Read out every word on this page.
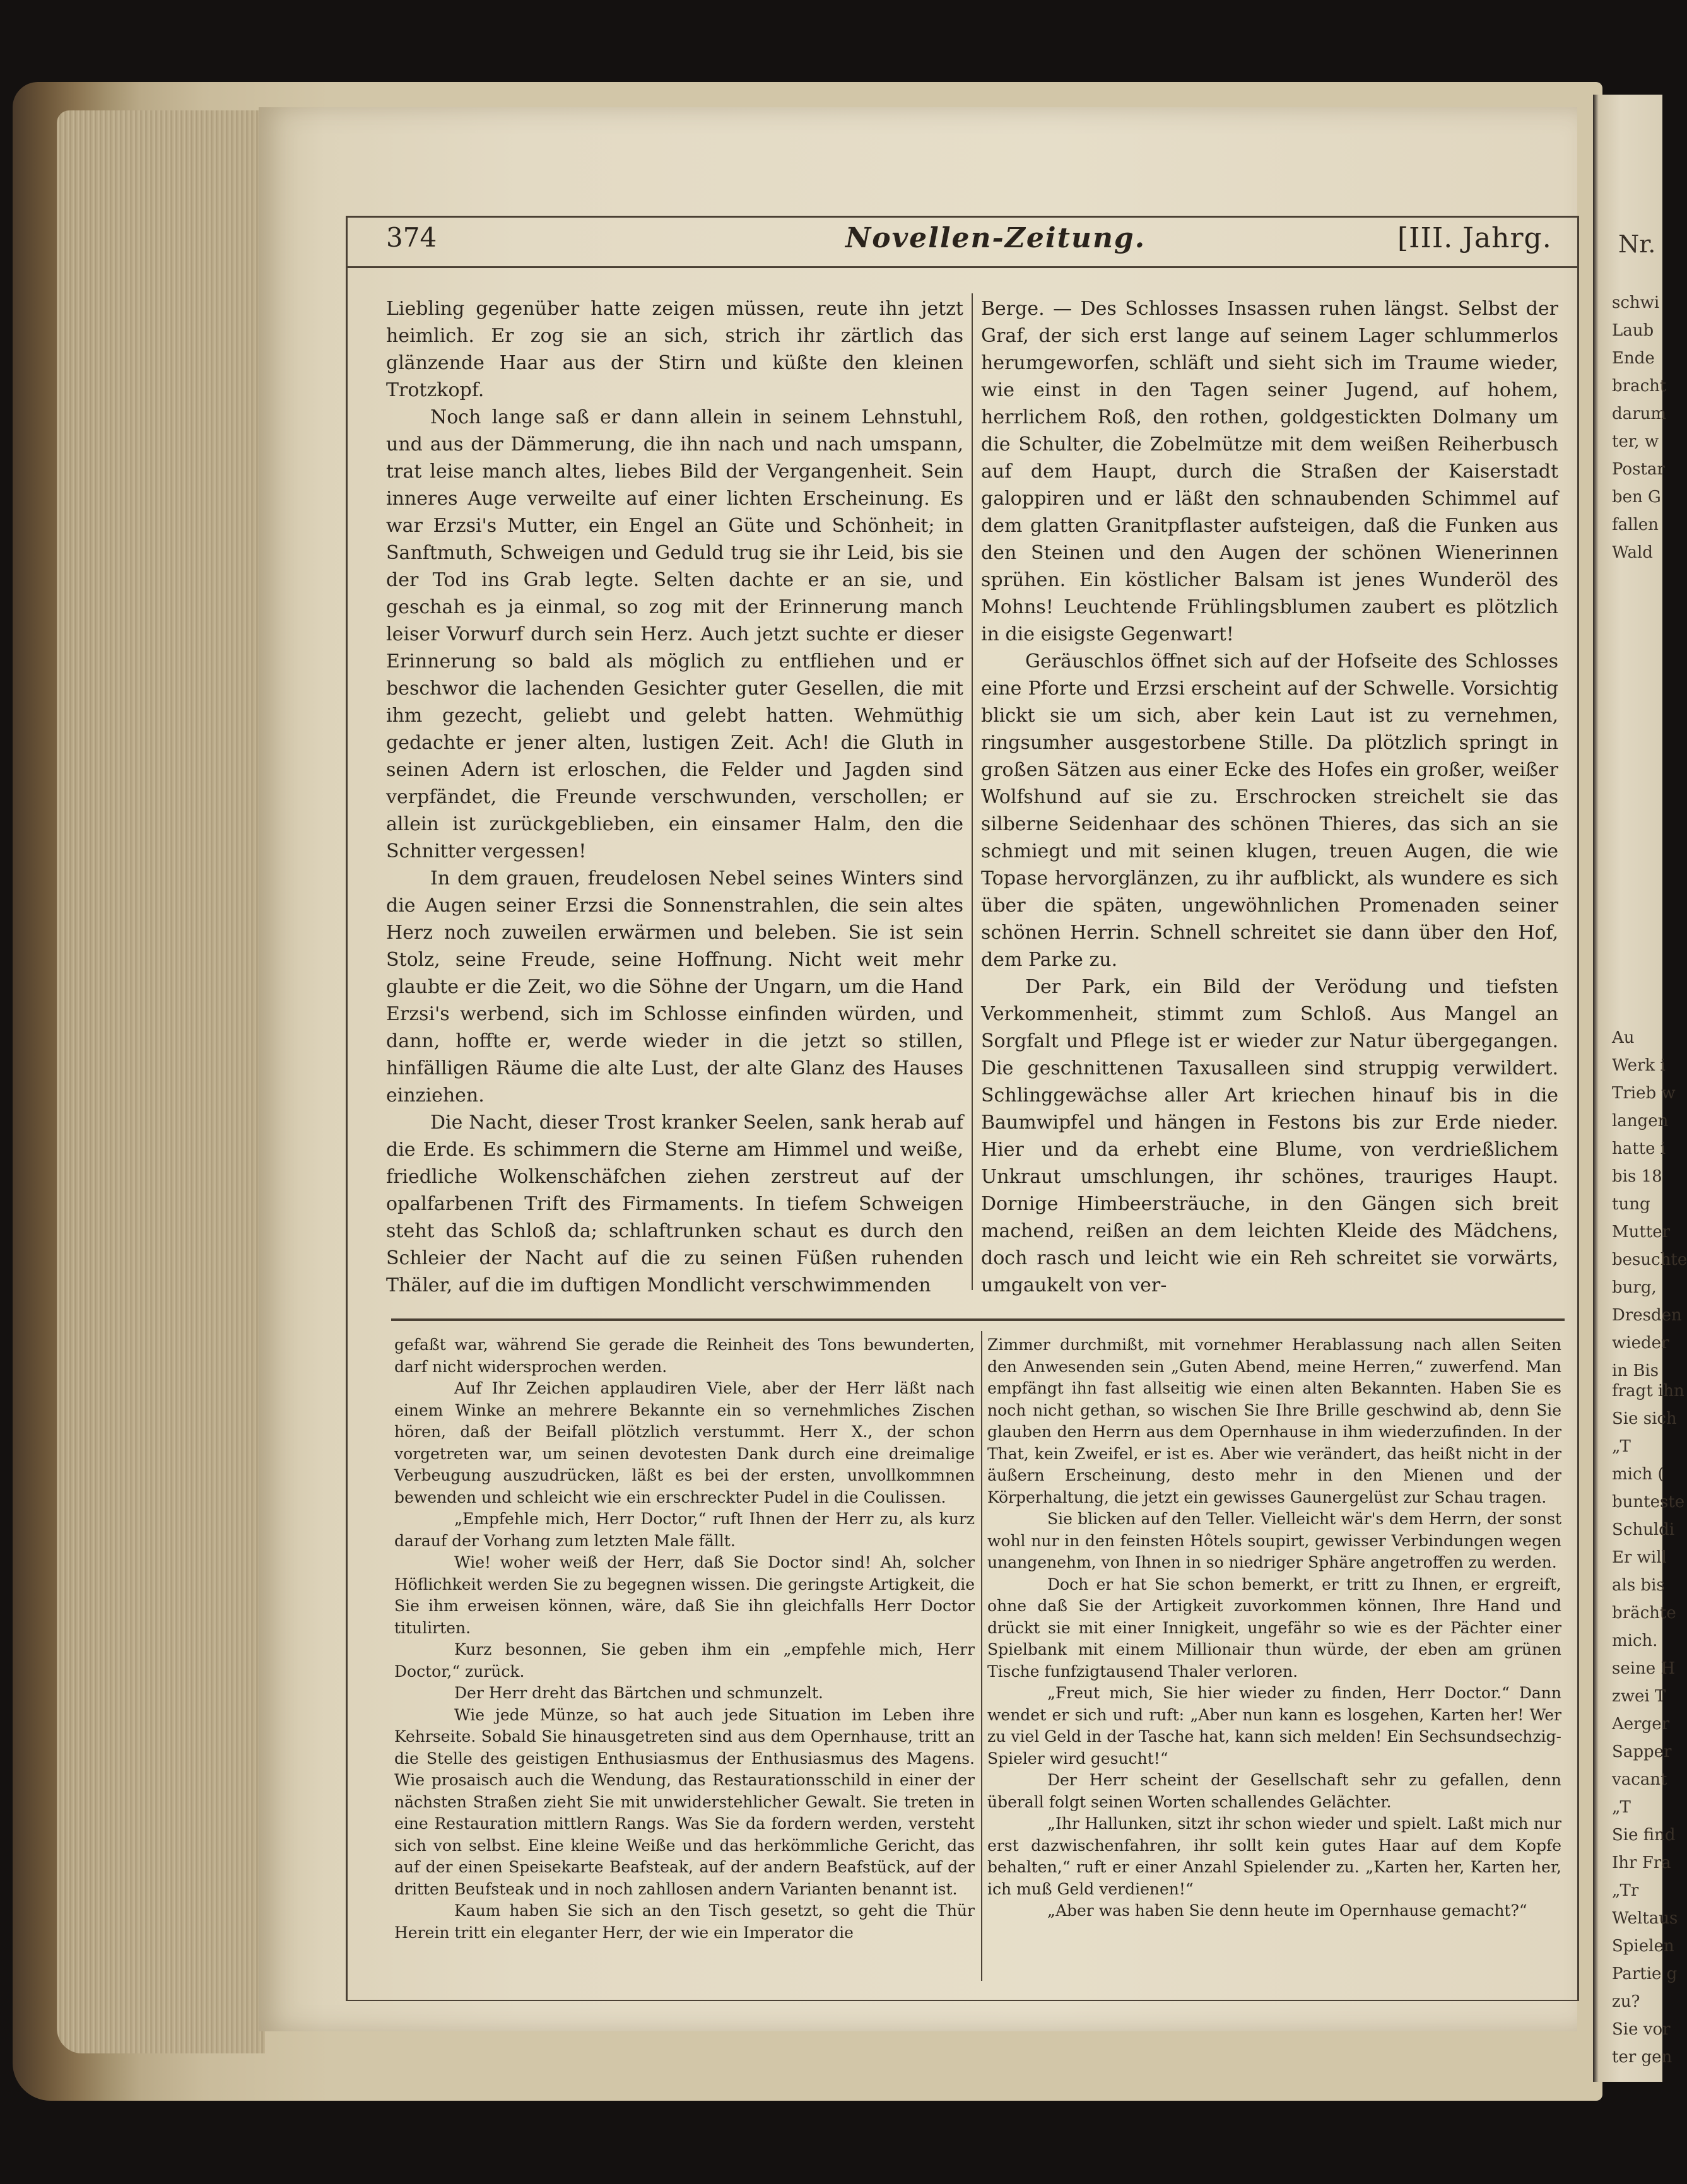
Nr.
schwi
Laub
Ende
bracht
darum
ter, w
Postar
ben G
fallen
Wald
Au
Werk i
Trieb w
langen
hatte i
bis 18
tung
Mutter
besuchte
burg,
Dresden
wieder
in Bis
fragt ihn
Sie sich
„T
mich (
bunteste
Schuldi
Er will
als bis
brächte
mich.
seine H
zwei T
Aerger
Sapper
vacant
„T
Sie find
Ihr Fra
„Tr
Weltaus
Spielen
Partie g
zu?
Sie vor
ter gen
374	Novellen-Zeitung.	[III. Jahrg.

Liebling gegenüber hatte zeigen müssen, reute ihn jetzt heimlich. Er zog sie an sich, strich ihr zärtlich das glänzende Haar aus der Stirn und küßte den kleinen Trotzkopf.

Noch lange saß er dann allein in seinem Lehnstuhl, und aus der Dämmerung, die ihn nach und nach umspann, trat leise manch altes, liebes Bild der Vergangenheit. Sein inneres Auge verweilte auf einer lichten Erscheinung. Es war Erzsi's Mutter, ein Engel an Güte und Schönheit; in Sanftmuth, Schweigen und Geduld trug sie ihr Leid, bis sie der Tod ins Grab legte. Selten dachte er an sie, und geschah es ja einmal, so zog mit der Erinnerung manch leiser Vorwurf durch sein Herz. Auch jetzt suchte er dieser Erinnerung so bald als möglich zu entfliehen und er beschwor die lachenden Gesichter guter Gesellen, die mit ihm gezecht, geliebt und gelebt hatten. Wehmüthig gedachte er jener alten, lustigen Zeit. Ach! die Gluth in seinen Adern ist erloschen, die Felder und Jagden sind verpfändet, die Freunde verschwunden, verschollen; er allein ist zurückgeblieben, ein einsamer Halm, den die Schnitter vergessen!

In dem grauen, freudelosen Nebel seines Winters sind die Augen seiner Erzsi die Sonnenstrahlen, die sein altes Herz noch zuweilen erwärmen und beleben. Sie ist sein Stolz, seine Freude, seine Hoffnung. Nicht weit mehr glaubte er die Zeit, wo die Söhne der Ungarn, um die Hand Erzsi's werbend, sich im Schlosse einfinden würden, und dann, hoffte er, werde wieder in die jetzt so stillen, hinfälligen Räume die alte Lust, der alte Glanz des Hauses einziehen.

Die Nacht, dieser Trost kranker Seelen, sank herab auf die Erde. Es schimmern die Sterne am Himmel und weiße, friedliche Wolkenschäfchen ziehen zerstreut auf der opalfarbenen Trift des Firmaments. In tiefem Schweigen steht das Schloß da; schlaftrunken schaut es durch den Schleier der Nacht auf die zu seinen Füßen ruhenden Thäler, auf die im duftigen Mondlicht verschwimmenden

Berge. — Des Schlosses Insassen ruhen längst. Selbst der Graf, der sich erst lange auf seinem Lager schlummerlos herumgeworfen, schläft und sieht sich im Traume wieder, wie einst in den Tagen seiner Jugend, auf hohem, herrlichem Roß, den rothen, goldgestickten Dolmany um die Schulter, die Zobelmütze mit dem weißen Reiherbusch auf dem Haupt, durch die Straßen der Kaiserstadt galoppiren und er läßt den schnaubenden Schimmel auf dem glatten Granitpflaster aufsteigen, daß die Funken aus den Steinen und den Augen der schönen Wienerinnen sprühen. Ein köstlicher Balsam ist jenes Wunderöl des Mohns! Leuchtende Frühlingsblumen zaubert es plötzlich in die eisigste Gegenwart!

Geräuschlos öffnet sich auf der Hofseite des Schlosses eine Pforte und Erzsi erscheint auf der Schwelle. Vorsichtig blickt sie um sich, aber kein Laut ist zu vernehmen, ringsumher ausgestorbene Stille. Da plötzlich springt in großen Sätzen aus einer Ecke des Hofes ein großer, weißer Wolfshund auf sie zu. Erschrocken streichelt sie das silberne Seidenhaar des schönen Thieres, das sich an sie schmiegt und mit seinen klugen, treuen Augen, die wie Topase hervorglänzen, zu ihr aufblickt, als wundere es sich über die späten, ungewöhnlichen Promenaden seiner schönen Herrin. Schnell schreitet sie dann über den Hof, dem Parke zu.

Der Park, ein Bild der Verödung und tiefsten Verkommenheit, stimmt zum Schloß. Aus Mangel an Sorgfalt und Pflege ist er wieder zur Natur übergegangen. Die geschnittenen Taxusalleen sind struppig verwildert. Schlinggewächse aller Art kriechen hinauf bis in die Baumwipfel und hängen in Festons bis zur Erde nieder. Hier und da erhebt eine Blume, von verdrießlichem Unkraut umschlungen, ihr schönes, trauriges Haupt. Dornige Himbeersträuche, in den Gängen sich breit machend, reißen an dem leichten Kleide des Mädchens, doch rasch und leicht wie ein Reh schreitet sie vorwärts, umgaukelt von ver-

gefaßt war, während Sie gerade die Reinheit des Tons bewunderten, darf nicht widersprochen werden.

Auf Ihr Zeichen applaudiren Viele, aber der Herr läßt nach einem Winke an mehrere Bekannte ein so vernehmliches Zischen hören, daß der Beifall plötzlich verstummt. Herr X., der schon vorgetreten war, um seinen devotesten Dank durch eine dreimalige Verbeugung auszudrücken, läßt es bei der ersten, unvollkommnen bewenden und schleicht wie ein erschreckter Pudel in die Coulissen.

„Empfehle mich, Herr Doctor,“ ruft Ihnen der Herr zu, als kurz darauf der Vorhang zum letzten Male fällt.

Wie! woher weiß der Herr, daß Sie Doctor sind! Ah, solcher Höflichkeit werden Sie zu begegnen wissen. Die geringste Artigkeit, die Sie ihm erweisen können, wäre, daß Sie ihn gleichfalls Herr Doctor titulirten.

Kurz besonnen, Sie geben ihm ein „empfehle mich, Herr Doctor,“ zurück.

Der Herr dreht das Bärtchen und schmunzelt.

Wie jede Münze, so hat auch jede Situation im Leben ihre Kehrseite. Sobald Sie hinausgetreten sind aus dem Opernhause, tritt an die Stelle des geistigen Enthusiasmus der Enthusiasmus des Magens. Wie prosaisch auch die Wendung, das Restaurationsschild in einer der nächsten Straßen zieht Sie mit unwiderstehlicher Gewalt. Sie treten in eine Restauration mittlern Rangs. Was Sie da fordern werden, versteht sich von selbst. Eine kleine Weiße und das herkömmliche Gericht, das auf der einen Speisekarte Beafsteak, auf der andern Beafstück, auf der dritten Beufsteak und in noch zahllosen andern Varianten benannt ist.

Kaum haben Sie sich an den Tisch gesetzt, so geht die Thür Herein tritt ein eleganter Herr, der wie ein Imperator die

Zimmer durchmißt, mit vornehmer Herablassung nach allen Seiten den Anwesenden sein „Guten Abend, meine Herren,“ zuwerfend. Man empfängt ihn fast allseitig wie einen alten Bekannten. Haben Sie es noch nicht gethan, so wischen Sie Ihre Brille geschwind ab, denn Sie glauben den Herrn aus dem Opernhause in ihm wiederzufinden. In der That, kein Zweifel, er ist es. Aber wie verändert, das heißt nicht in der äußern Erscheinung, desto mehr in den Mienen und der Körperhaltung, die jetzt ein gewisses Gaunergelüst zur Schau tragen.

Sie blicken auf den Teller. Vielleicht wär's dem Herrn, der sonst wohl nur in den feinsten Hôtels soupirt, gewisser Verbindungen wegen unangenehm, von Ihnen in so niedriger Sphäre angetroffen zu werden.

Doch er hat Sie schon bemerkt, er tritt zu Ihnen, er ergreift, ohne daß Sie der Artigkeit zuvorkommen können, Ihre Hand und drückt sie mit einer Innigkeit, ungefähr so wie es der Pächter einer Spielbank mit einem Millionair thun würde, der eben am grünen Tische funfzigtausend Thaler verloren.

„Freut mich, Sie hier wieder zu finden, Herr Doctor.“ Dann wendet er sich und ruft: „Aber nun kann es losgehen, Karten her! Wer zu viel Geld in der Tasche hat, kann sich melden! Ein Sechsundsechzig-Spieler wird gesucht!“

Der Herr scheint der Gesellschaft sehr zu gefallen, denn überall folgt seinen Worten schallendes Gelächter.

„Ihr Hallunken, sitzt ihr schon wieder und spielt. Laßt mich nur erst dazwischenfahren, ihr sollt kein gutes Haar auf dem Kopfe behalten,“ ruft er einer Anzahl Spielender zu. „Karten her, Karten her, ich muß Geld verdienen!“

„Aber was haben Sie denn heute im Opernhause gemacht?“
